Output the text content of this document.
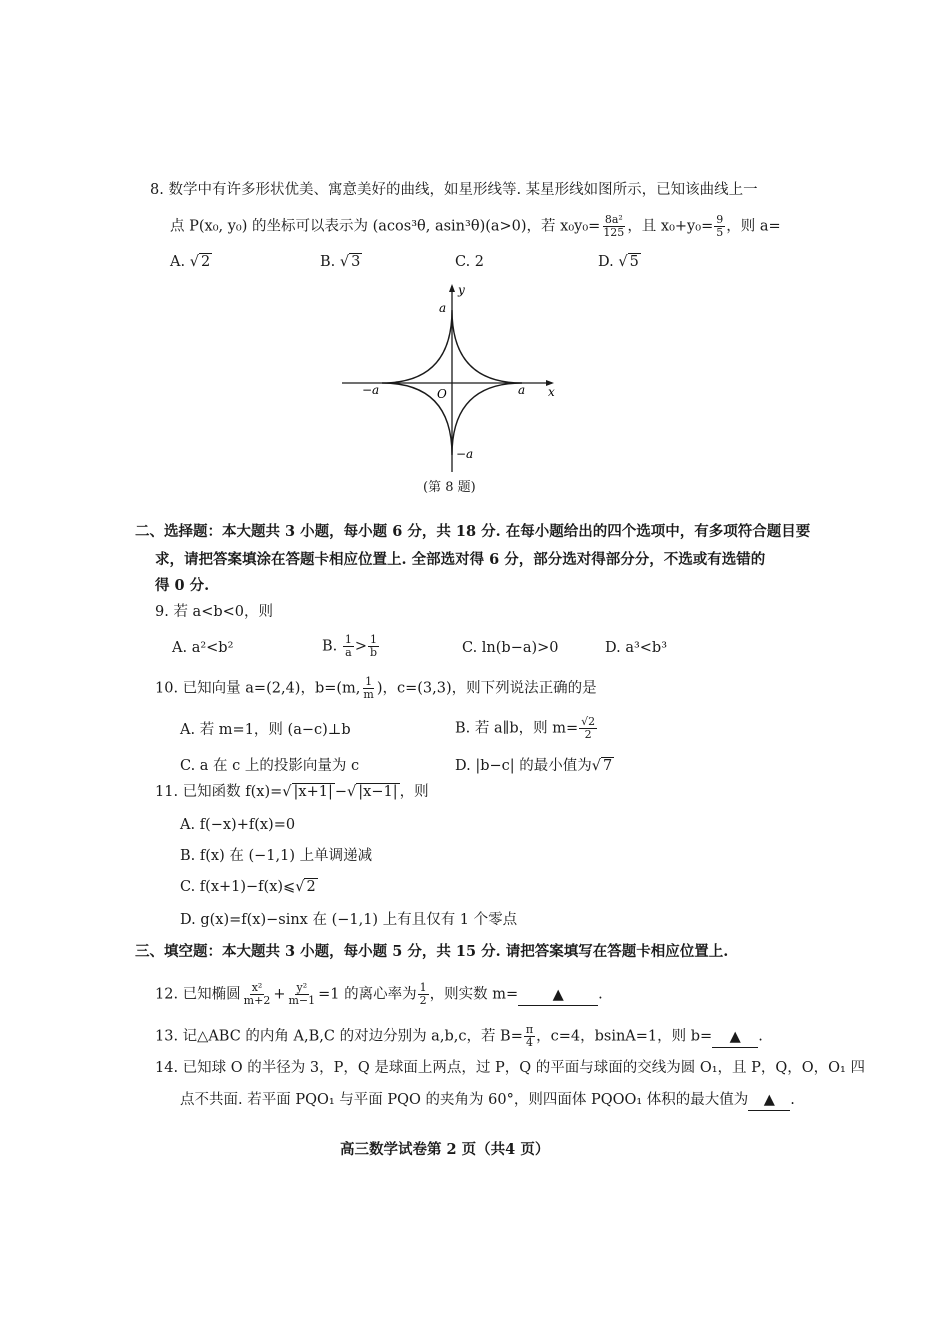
8. 数学中有许多形状优美、寓意美好的曲线，如星形线等. 某星形线如图所示，已知该曲线上一
点 P(x₀, y₀) 的坐标可以表示为 (acos³θ, asin³θ)(a>0)，若 $x_0y_0= \frac{\text{8a²}}{125}$ ，且 $x_0+y_0= \frac{9}{5}$ ，则 a=
A. √ 2	B. √ 3	C. 2	D. √ 5
y
x
a
−a	O	a
−a
(第 8 题)
二、选择题：本大题共 3 小题，每小题 6 分，共 18 分. 在每小题给出的四个选项中，有多项符合题目要
求，请把答案填涂在答题卡相应位置上. 全部选对得 6 分，部分选对得部分分，不选或有选错的
得 0 分.
9. 若 a<b<0，则
A. a²<b²	B. $\frac{1}{a} > \frac{1}{b}$	C. ln(b−a)>0	D. a³<b³
10. 已知向量 a=(2,4)，b=(m, $\frac{1}{m}$ )，c=(3,3)，则下列说法正确的是
A. 若 m=1，则 (a−c)⊥b	B. 若 a∥b，则 $m= \frac{√2}{2}$
C. a 在 c 上的投影向量为 c	D. |b−c| 的最小值为√ 7
11. 已知函数 f(x)=√ |x+1| −√ |x−1| ，则
A. f(−x)+f(x)=0
B. f(x) 在 (−1,1) 上单调递减
C. f(x+1)−f(x)⩽√ 2
D. g(x)=f(x)−sinx 在 (−1,1) 上有且仅有 1 个零点
三、填空题：本大题共 3 小题，每小题 5 分，共 15 分. 请把答案填写在答题卡相应位置上.
12. 已知椭圆 $\frac{\text{x²}}{m+2} + \frac{\text{y²}}{m-1} =1$ 的离心率为 $\frac{1}{2}$ ，则实数 m= ▲ .
13. 记△ABC 的内角 A,B,C 的对边分别为 a,b,c，若 $B= \frac{\pi}{4}$ ，c=4，bsinA=1，则 b= ▲ .
14. 已知球 O 的半径为 3，P，Q 是球面上两点，过 P，Q 的平面与球面的交线为圆 O₁，且 P，Q，O，O₁ 四
点不共面. 若平面 PQO₁ 与平面 PQO 的夹角为 60°，则四面体 PQOO₁ 体积的最大值为 ▲ .
高三数学试卷第 2 页（共4 页）
